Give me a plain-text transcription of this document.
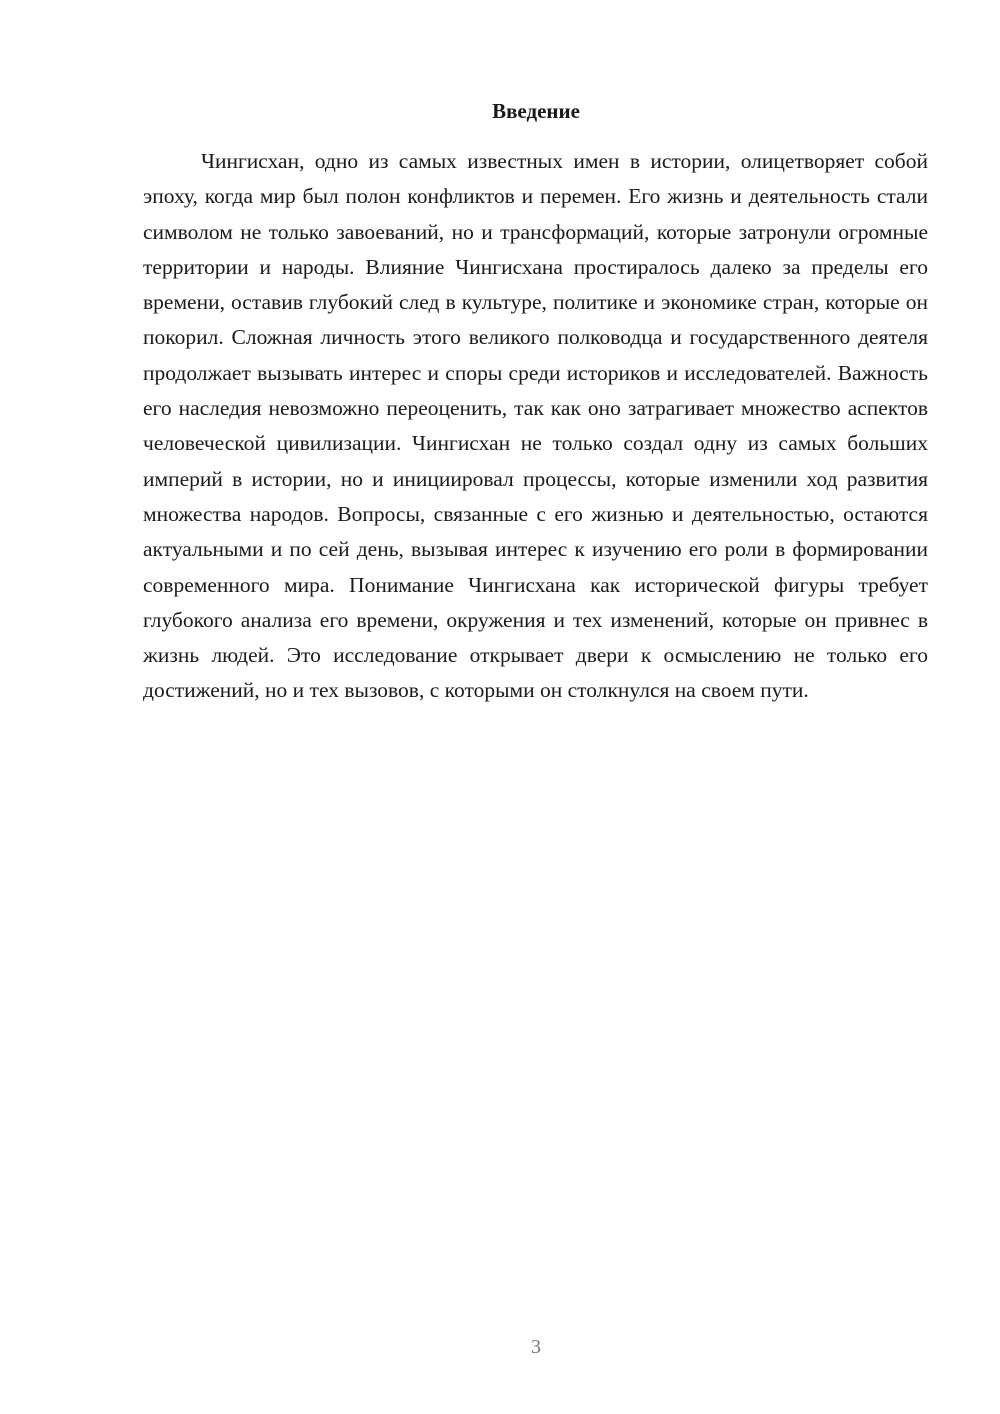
Введение

Чингисхан, одно из самых известных имен в истории, олицетворяет собой эпоху, когда мир был полон конфликтов и перемен. Его жизнь и деятельность стали символом не только завоеваний, но и трансформаций, которые затронули огромные территории и народы. Влияние Чингисхана простиралось далеко за пределы его времени, оставив глубокий след в культуре, политике и экономике стран, которые он покорил. Сложная личность этого великого полководца и государственного деятеля продолжает вызывать интерес и споры среди историков и исследователей. Важность его наследия невозможно переоценить, так как оно затрагивает множество аспектов человеческой цивилизации. Чингисхан не только создал одну из самых больших империй в истории, но и инициировал процессы, которые изменили ход развития множества народов. Вопросы, связанные с его жизнью и деятельностью, остаются актуальными и по сей день, вызывая интерес к изучению его роли в формировании современного мира. Понимание Чингисхана как исторической фигуры требует глубокого анализа его времени, окружения и тех изменений, которые он привнес в жизнь людей. Это исследование открывает двери к осмыслению не только его достижений, но и тех вызовов, с которыми он столкнулся на своем пути.

3
